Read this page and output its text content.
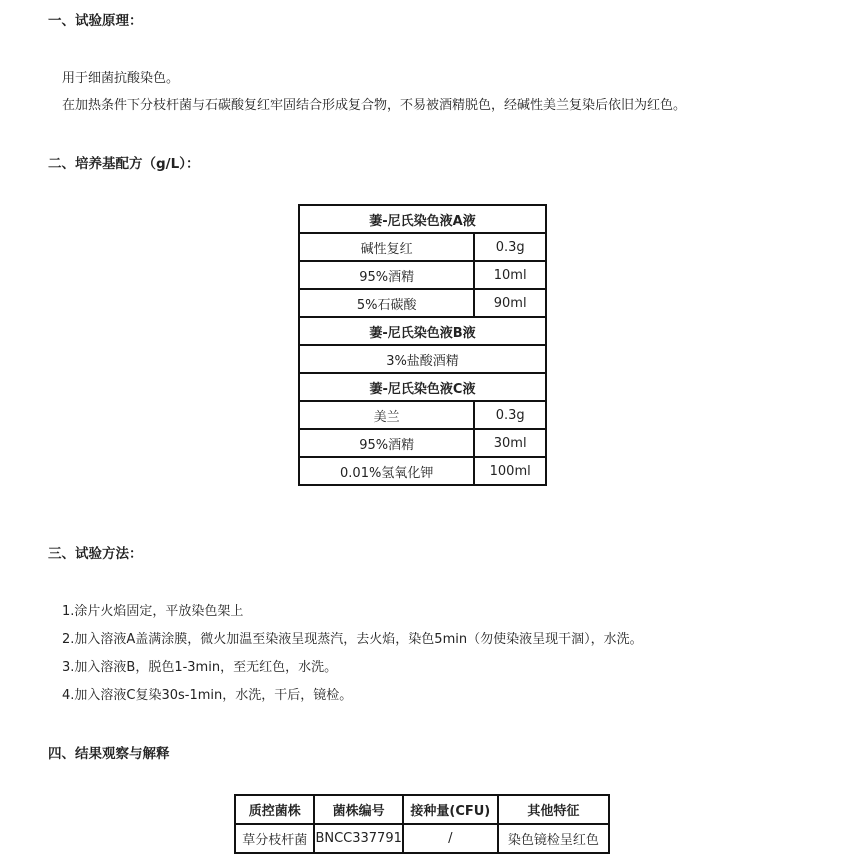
一、试验原理：

用于细菌抗酸染色。

在加热条件下分枝杆菌与石碳酸复红牢固结合形成复合物，不易被酒精脱色，经碱性美兰复染后依旧为红色。

二、培养基配方（g/L）：
萋-尼氏染色液A液	
碱性复红	0.3g
95%酒精	10ml
5%石碳酸	90ml
萋-尼氏染色液B液	
3%盐酸酒精	
萋-尼氏染色液C液	
美兰	0.3g
95%酒精	30ml
0.01%氢氧化钾	100ml
三、试验方法：

1.涂片火焰固定，平放染色架上

2.加入溶液A盖满涂膜，微火加温至染液呈现蒸汽，去火焰，染色5min（勿使染液呈现干涸），水洗。

3.加入溶液B，脱色1-3min，至无红色，水洗。

4.加入溶液C复染30s-1min，水洗，干后，镜检。

四、结果观察与解释
质控菌株	菌株编号	接种量(CFU)	其他特征
草分枝杆菌	BNCC337791	/	染色镜检呈红色
